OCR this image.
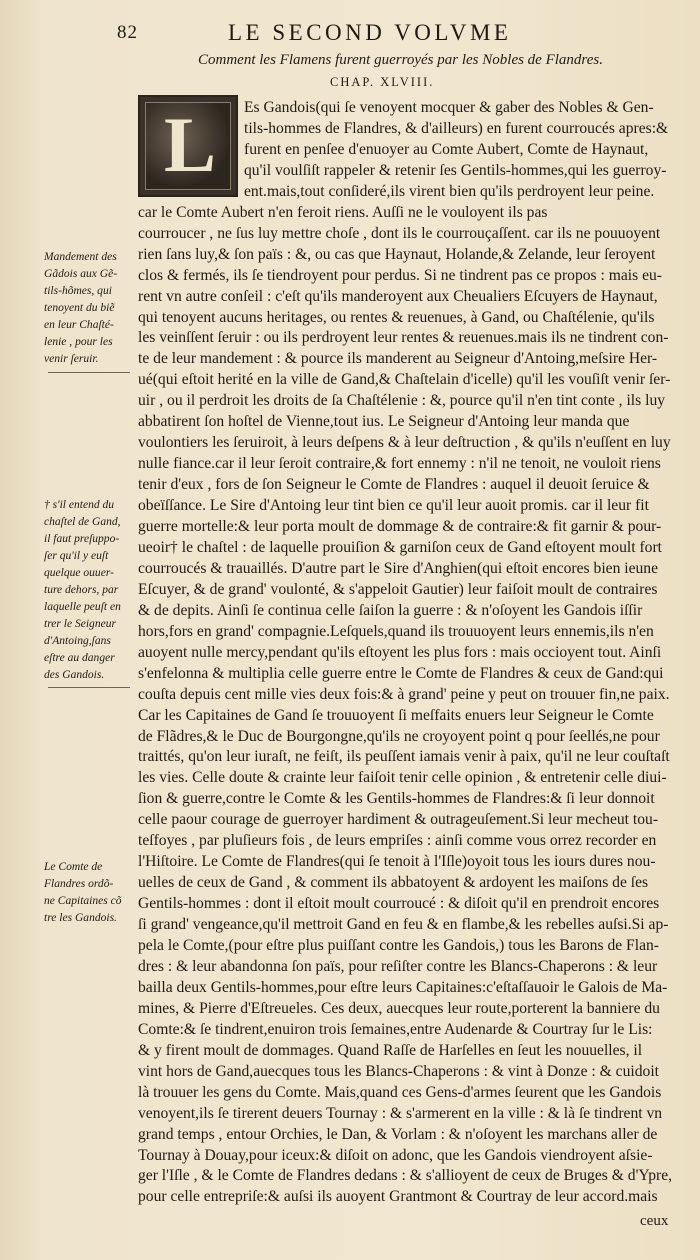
82	LE SECOND VOLVME
Comment les Flamens furent guerroyés par les Nobles de Flandres.
CHAP. XLVIII.
L Es Gandois(qui ſe venoyent mocquer & gaber des Nobles & Gen-
tils-hommes de Flandres, & d'ailleurs) en furent courroucés apres:&
furent en penſee d'enuoyer au Comte Aubert, Comte de Haynaut,
qu'il voulſiſt rappeler & retenir ſes Gentils-hommes,qui les guerroy-
ent.mais,tout conſideré,ils virent bien qu'ils perdroyent leur peine.
car le Comte Aubert n'en feroit riens. Auſſi ne le vouloyent ils pas
courroucer , ne ſus luy mettre choſe , dont ils le courrouçaſſent. car ils ne pouuoyent
rien ſans luy,& ſon païs : &, ou cas que Haynaut, Holande,& Zelande, leur ſeroyent
clos & fermés, ils ſe tiendroyent pour perdus. Si ne tindrent pas ce propos : mais eu-
rent vn autre conſeil : c'eſt qu'ils manderoyent aux Cheualiers Eſcuyers de Haynaut,
qui tenoyent aucuns heritages, ou rentes & reuenues, à Gand, ou Chaſtélenie, qu'ils
les veinſſent ſeruir : ou ils perdroyent leur rentes & reuenues.mais ils ne tindrent con-
te de leur mandement : & pource ils manderent au Seigneur d'Antoing,meſsire Her-
ué(qui eſtoit herité en la ville de Gand,& Chaſtelain d'icelle) qu'il les vouſiſt venir ſer-
uir , ou il perdroit les droits de ſa Chaſtélenie : &, pource qu'il n'en tint conte , ils luy
abbatirent ſon hoſtel de Vienne,tout ius. Le Seigneur d'Antoing leur manda que
voulontiers les ſeruiroit, à leurs deſpens & à leur deſtruction , & qu'ils n'euſſent en luy
nulle fiance.car il leur ſeroit contraire,& fort ennemy : n'il ne tenoit, ne vouloit riens
tenir d'eux , fors de ſon Seigneur le Comte de Flandres : auquel il deuoit ſeruice &
obeïſſance. Le Sire d'Antoing leur tint bien ce qu'il leur auoit promis. car il leur fit
guerre mortelle:& leur porta moult de dommage & de contraire:& fit garnir & pour-
ueoir† le chaſtel : de laquelle prouiſion & garniſon ceux de Gand eſtoyent moult fort
courroucés & trauaillés. D'autre part le Sire d'Anghien(qui eſtoit encores bien ieune
Eſcuyer, & de grand' voulonté, & s'appeloit Gautier) leur faiſoit moult de contraires
& de depits. Ainſi ſe continua celle ſaiſon la guerre : & n'oſoyent les Gandois iſſir
hors,fors en grand' compagnie.Leſquels,quand ils trouuoyent leurs ennemis,ils n'en
auoyent nulle mercy,pendant qu'ils eſtoyent les plus fors : mais occioyent tout. Ainſi
s'enfelonna & multiplia celle guerre entre le Comte de Flandres & ceux de Gand:qui
couſta depuis cent mille vies deux fois:& à grand' peine y peut on trouuer fin,ne paix.
Car les Capitaines de Gand ſe trouuoyent ſi meſfaits enuers leur Seigneur le Comte
de Flãdres,& le Duc de Bourgongne,qu'ils ne croyoyent point q pour ſeellés,ne pour
traittés, qu'on leur iuraſt, ne feiſt, ils peuſſent iamais venir à paix, qu'il ne leur couſtaſt
les vies. Celle doute & crainte leur faiſoit tenir celle opinion , & entretenir celle diui-
ſion & guerre,contre le Comte & les Gentils-hommes de Flandres:& ſi leur donnoit
celle paour courage de guerroyer hardiment & outrageuſement.Si leur mecheut tou-
teſfoyes , par pluſieurs fois , de leurs empriſes : ainſi comme vous orrez recorder en
l'Hiſtoire. Le Comte de Flandres(qui ſe tenoit à l'Iſle)oyoit tous les iours dures nou-
uelles de ceux de Gand , & comment ils abbatoyent & ardoyent les maiſons de ſes
Gentils-hommes : dont il eſtoit moult courroucé : & diſoit qu'il en prendroit encores
ſi grand' vengeance,qu'il mettroit Gand en feu & en flambe,& les rebelles auſsi.Si ap-
pela le Comte,(pour eſtre plus puiſſant contre les Gandois,) tous les Barons de Flan-
dres : & leur abandonna ſon païs, pour reſiſter contre les Blancs-Chaperons : & leur
bailla deux Gentils-hommes,pour eſtre leurs Capitaines:c'eſtaſſauoir le Galois de Ma-
mines, & Pierre d'Eſtreueles. Ces deux, auecques leur route,porterent la banniere du
Comte:& ſe tindrent,enuiron trois ſemaines,entre Audenarde & Courtray ſur le Lis:
& y firent moult de dommages. Quand Raſſe de Harſelles en ſeut les nouuelles, il
vint hors de Gand,auecques tous les Blancs-Chaperons : & vint à Donze : & cuidoit
là trouuer les gens du Comte. Mais,quand ces Gens-d'armes ſeurent que les Gandois
venoyent,ils ſe tirerent deuers Tournay : & s'armerent en la ville : & là ſe tindrent vn
grand temps , entour Orchies, le Dan, & Vorlam : & n'oſoyent les marchans aller de
Tournay à Douay,pour iceux:& diſoit on adonc, que les Gandois viendroyent aſsie-
ger l'Iſle , & le Comte de Flandres dedans : & s'allioyent de ceux de Bruges & d'Ypre,
pour celle entrepriſe:& auſsi ils auoyent Grantmont & Courtray de leur accord.mais
Mandement des
Gãdois aux Gẽ-
tils-hõmes, qui
tenoyent du biẽ
en leur Chaſté-
lenie , pour les
venir ſeruir.
† s'il entend du
chaſtel de Gand,
il faut preſuppo-
ſer qu'il y euſt
quelque ouuer-
ture dehors, par
laquelle peuſt en
trer le Seigneur
d'Antoing,ſans
eſtre au danger
des Gandois.
Le Comte de
Flandres ordõ-
ne Capitaines cõ
tre les Gandois.
ceux
